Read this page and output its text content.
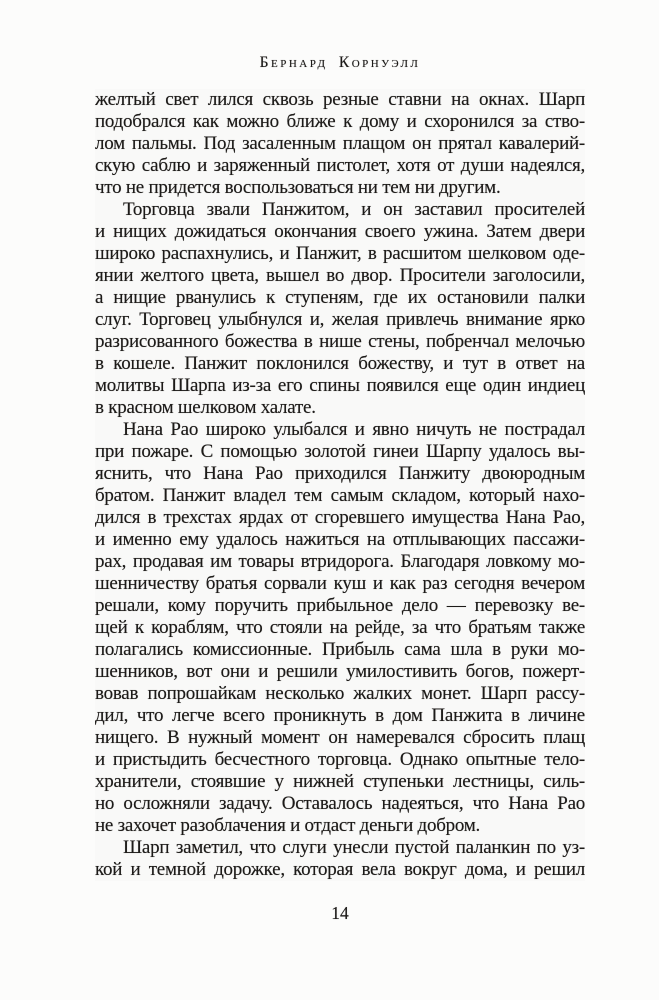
Бернард Корнуэлл
желтый свет лился сквозь резные ставни на окнах. Шарп
подобрался как можно ближе к дому и схоронился за ство-
лом пальмы. Под засаленным плащом он прятал кавалерий-
скую саблю и заряженный пистолет, хотя от души надеялся,
что не придется воспользоваться ни тем ни другим.
Торговца звали Панжитом, и он заставил просителей
и нищих дожидаться окончания своего ужина. Затем двери
широко распахнулись, и Панжит, в расшитом шелковом оде-
янии желтого цвета, вышел во двор. Просители заголосили,
а нищие рванулись к ступеням, где их остановили палки
слуг. Торговец улыбнулся и, желая привлечь внимание ярко
разрисованного божества в нише стены, побренчал мелочью
в кошеле. Панжит поклонился божеству, и тут в ответ на
молитвы Шарпа из-за его спины появился еще один индиец
в красном шелковом халате.
Нана Рао широко улыбался и явно ничуть не пострадал
при пожаре. С помощью золотой гинеи Шарпу удалось вы-
яснить, что Нана Рао приходился Панжиту двоюродным
братом. Панжит владел тем самым складом, который нахо-
дился в трехстах ярдах от сгоревшего имущества Нана Рао,
и именно ему удалось нажиться на отплывающих пассажи-
рах, продавая им товары втридорога. Благодаря ловкому мо-
шенничеству братья сорвали куш и как раз сегодня вечером
решали, кому поручить прибыльное дело — перевозку ве-
щей к кораблям, что стояли на рейде, за что братьям также
полагались комиссионные. Прибыль сама шла в руки мо-
шенников, вот они и решили умилостивить богов, пожерт-
вовав попрошайкам несколько жалких монет. Шарп рассу-
дил, что легче всего проникнуть в дом Панжита в личине
нищего. В нужный момент он намеревался сбросить плащ
и пристыдить бесчестного торговца. Однако опытные тело-
хранители, стоявшие у нижней ступеньки лестницы, силь-
но осложняли задачу. Оставалось надеяться, что Нана Рао
не захочет разоблачения и отдаст деньги добром.
Шарп заметил, что слуги унесли пустой паланкин по уз-
кой и темной дорожке, которая вела вокруг дома, и решил
14
